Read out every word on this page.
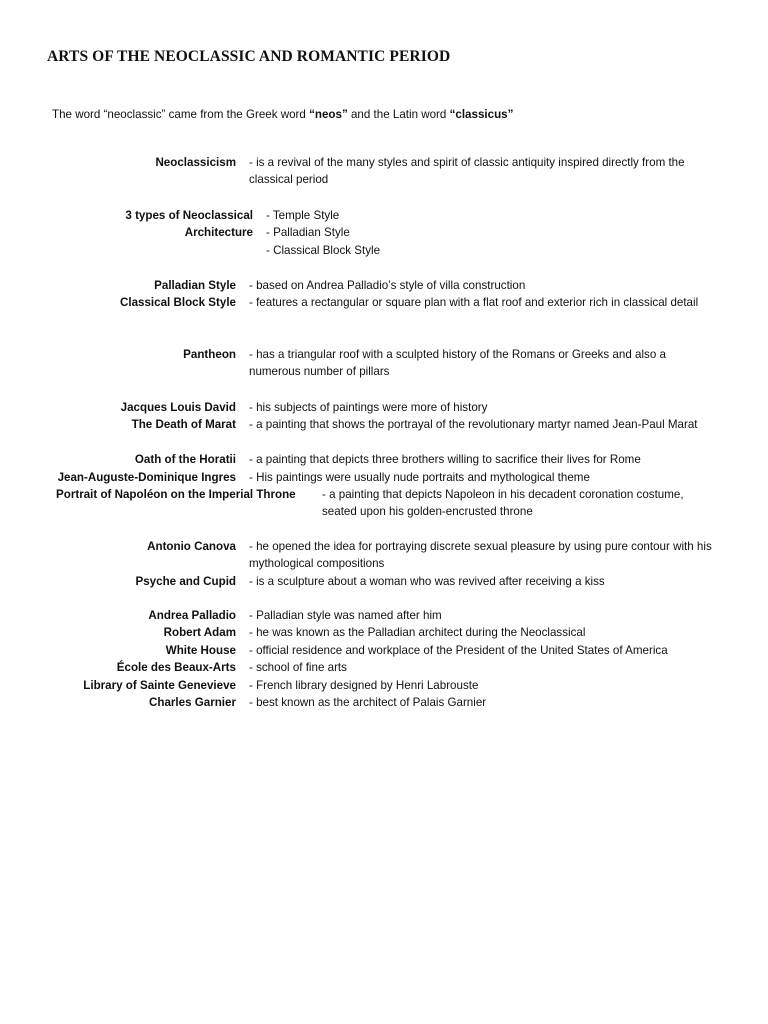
ARTS OF THE NEOCLASSIC AND ROMANTIC PERIOD
The word “neoclassic” came from the Greek word “neos” and the Latin word “classicus”
Neoclassicism - is a revival of the many styles and spirit of classic antiquity inspired directly from the classical period
3 types of Neoclassical
Architecture
- Temple Style
- Palladian Style
- Classical Block Style
Palladian Style - based on Andrea Palladio’s style of villa construction
Classical Block Style - features a rectangular or square plan with a flat roof and exterior rich in classical detail
Pantheon - has a triangular roof with a sculpted history of the Romans or Greeks and also a numerous number of pillars
Jacques Louis David - his subjects of paintings were more of history
The Death of Marat - a painting that shows the portrayal of the revolutionary martyr named Jean-Paul Marat
Oath of the Horatii - a painting that depicts three brothers willing to sacrifice their lives for Rome
Jean-Auguste-Dominique Ingres - His paintings were usually nude portraits and mythological theme
Portrait of Napoléon on the Imperial Throne - a painting that depicts Napoleon in his decadent coronation costume, seated upon his golden-encrusted throne
Antonio Canova - he opened the idea for portraying discrete sexual pleasure by using pure contour with his mythological compositions
Psyche and Cupid - is a sculpture about a woman who was revived after receiving a kiss
Andrea Palladio - Palladian style was named after him
Robert Adam - he was known as the Palladian architect during the Neoclassical
White House - official residence and workplace of the President of the United States of America
École des Beaux-Arts - school of fine arts
Library of Sainte Genevieve - French library designed by Henri Labrouste
Charles Garnier - best known as the architect of Palais Garnier
